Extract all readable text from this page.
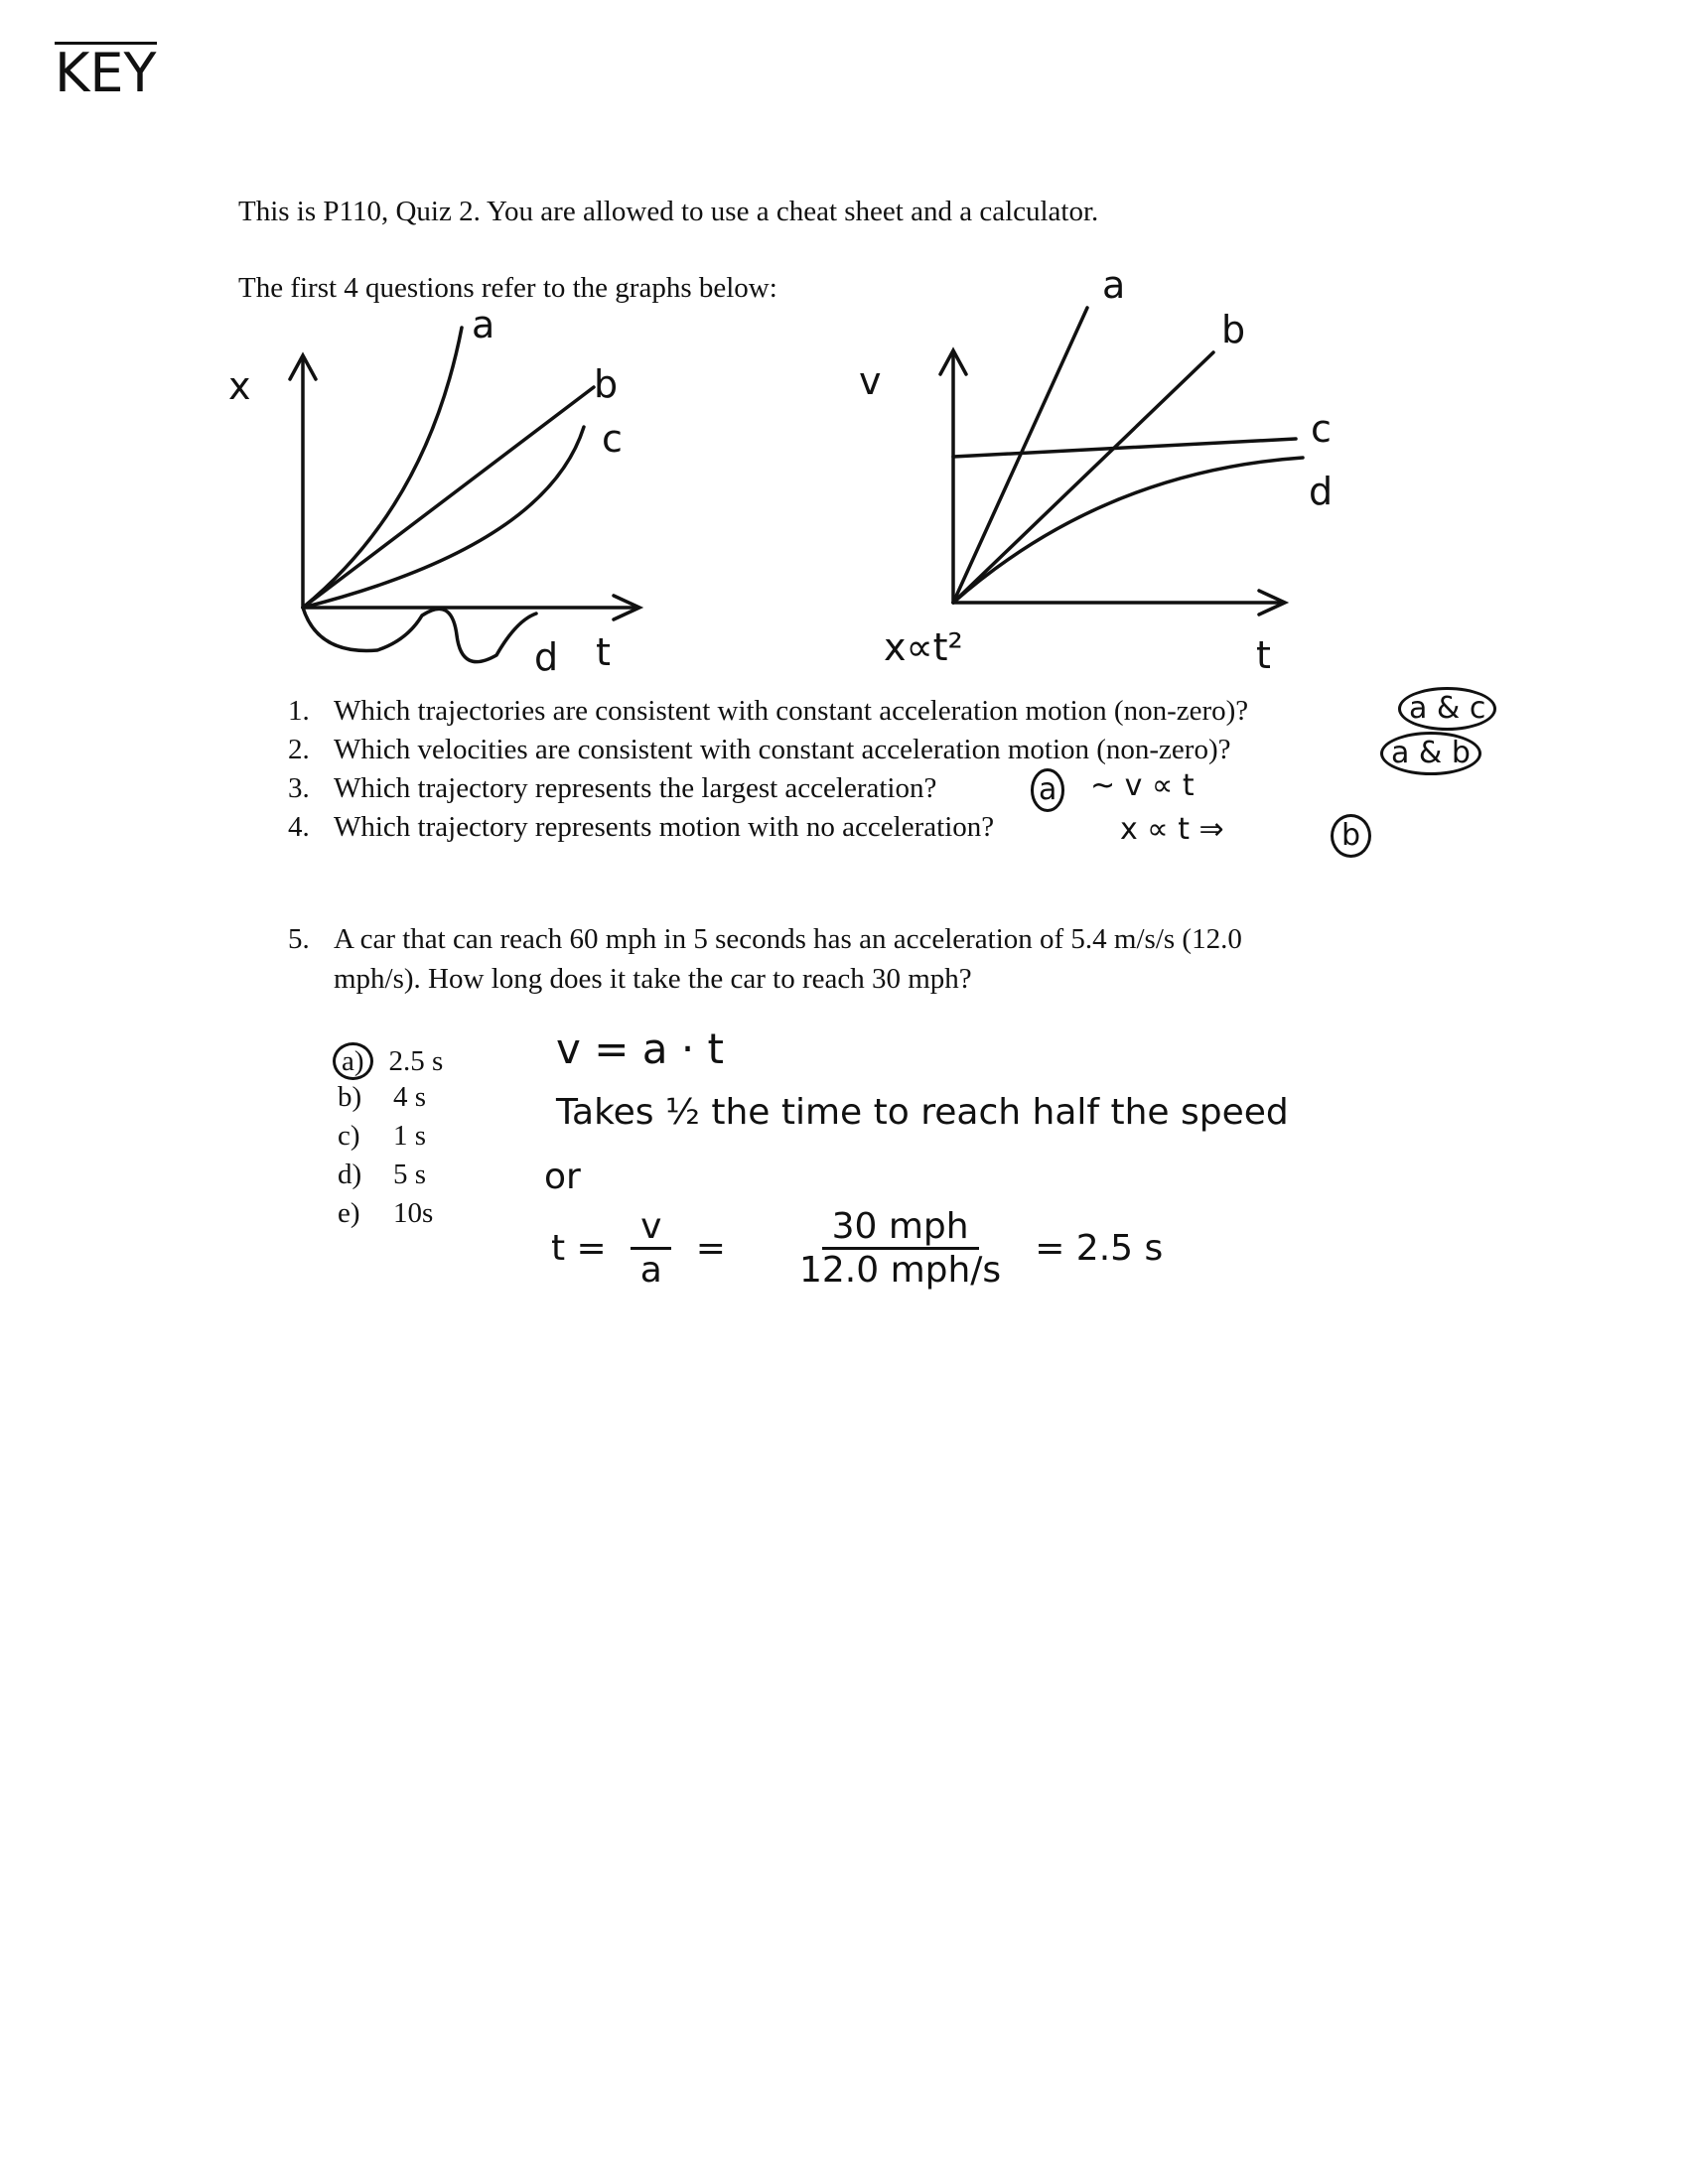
KEY
This is P110, Quiz 2. You are allowed to use a cheat sheet and a calculator.
The first 4 questions refer to the graphs below:
x
t
a
b
c
d
v
t
a
b
c
d
x∝t²
1. Which trajectories are consistent with constant acceleration motion (non-zero)?	a & c
2. Which velocities are consistent with constant acceleration motion (non-zero)?	a & b
3. Which trajectory represents the largest acceleration?	a ~ v ∝ t
4. Which trajectory represents motion with no acceleration?	x ∝ t ⇒	b
5. A car that can reach 60 mph in 5 seconds has an acceleration of 5.4 m/s/s (12.0
mph/s). How long does it take the car to reach 30 mph?
a) 2.5 s
b) 4 s
c) 1 s
d) 5 s
e) 10s
v = a · t
Takes ½ the time to reach half the speed
or
$t = \frac{v}{a} = \frac{\text{30 mph}}{\text{12.0 mph/s}} = 2.5$ s
